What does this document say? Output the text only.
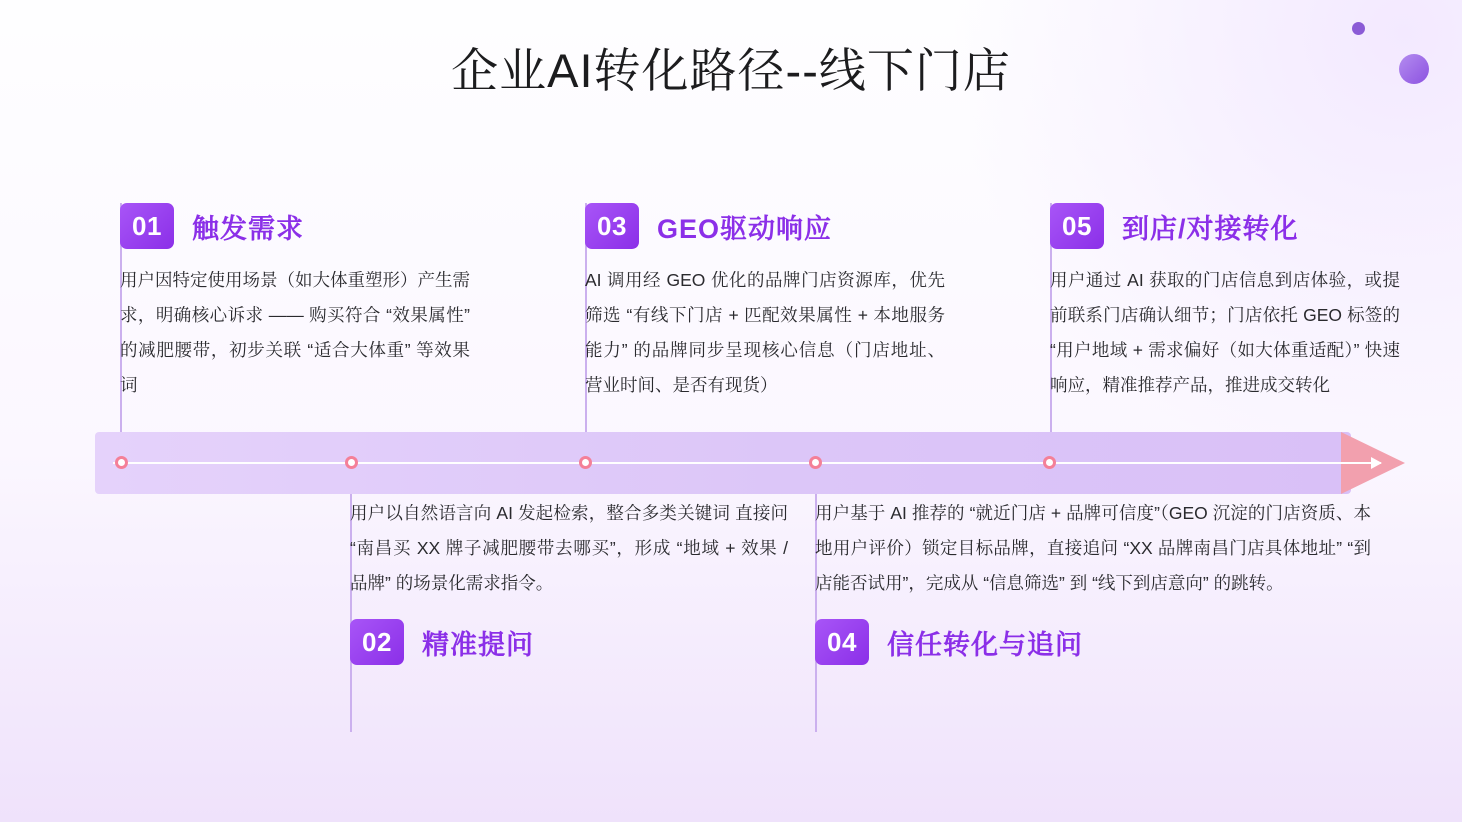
企业AI转化路径--线下门店
01	触发需求
用户因特定使用场景（如大体重塑形）产生需求，明确核心诉求 —— 购买符合 “效果属性” 的减肥腰带，初步关联 “适合大体重” 等效果词
03	GEO驱动响应
AI 调用经 GEO 优化的品牌门店资源库，优先筛选 “有线下门店 + 匹配效果属性 + 本地服务能力” 的品牌同步呈现核心信息（门店地址、营业时间、是否有现货）
05	到店/对接转化
用户通过 AI 获取的门店信息到店体验，或提前联系门店确认细节；门店依托 GEO 标签的 “用户地域 + 需求偏好（如大体重适配）” 快速响应，精准推荐产品，推进成交转化
用户以自然语言向 AI 发起检索，整合多类关键词 直接问 “南昌买 XX 牌子减肥腰带去哪买”，形成 “地域 + 效果 / 品牌” 的场景化需求指令。
02	精准提问
用户基于 AI 推荐的 “就近门店 + 品牌可信度”（GEO 沉淀的门店资质、本地用户评价）锁定目标品牌，直接追问 “XX 品牌南昌门店具体地址” “到店能否试用”，完成从 “信息筛选” 到 “线下到店意向” 的跳转。
04	信任转化与追问
